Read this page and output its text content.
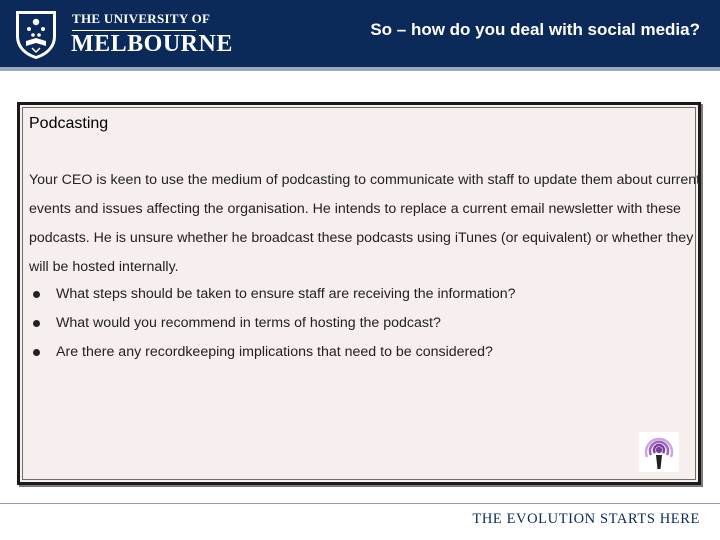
THE UNIVERSITY OF
MELBOURNE
So – how do you deal with social media?
Podcasting
Your CEO is keen to use the medium of podcasting to communicate with staff to update them about current events and issues affecting the organisation. He intends to replace a current email newsletter with these podcasts. He is unsure whether he broadcast these podcasts using iTunes (or equivalent) or whether they will be hosted internally.
What steps should be taken to ensure staff are receiving the information?
What would you recommend in terms of hosting the podcast?
Are there any recordkeeping implications that need to be considered?
THE EVOLUTION STARTS HERE
